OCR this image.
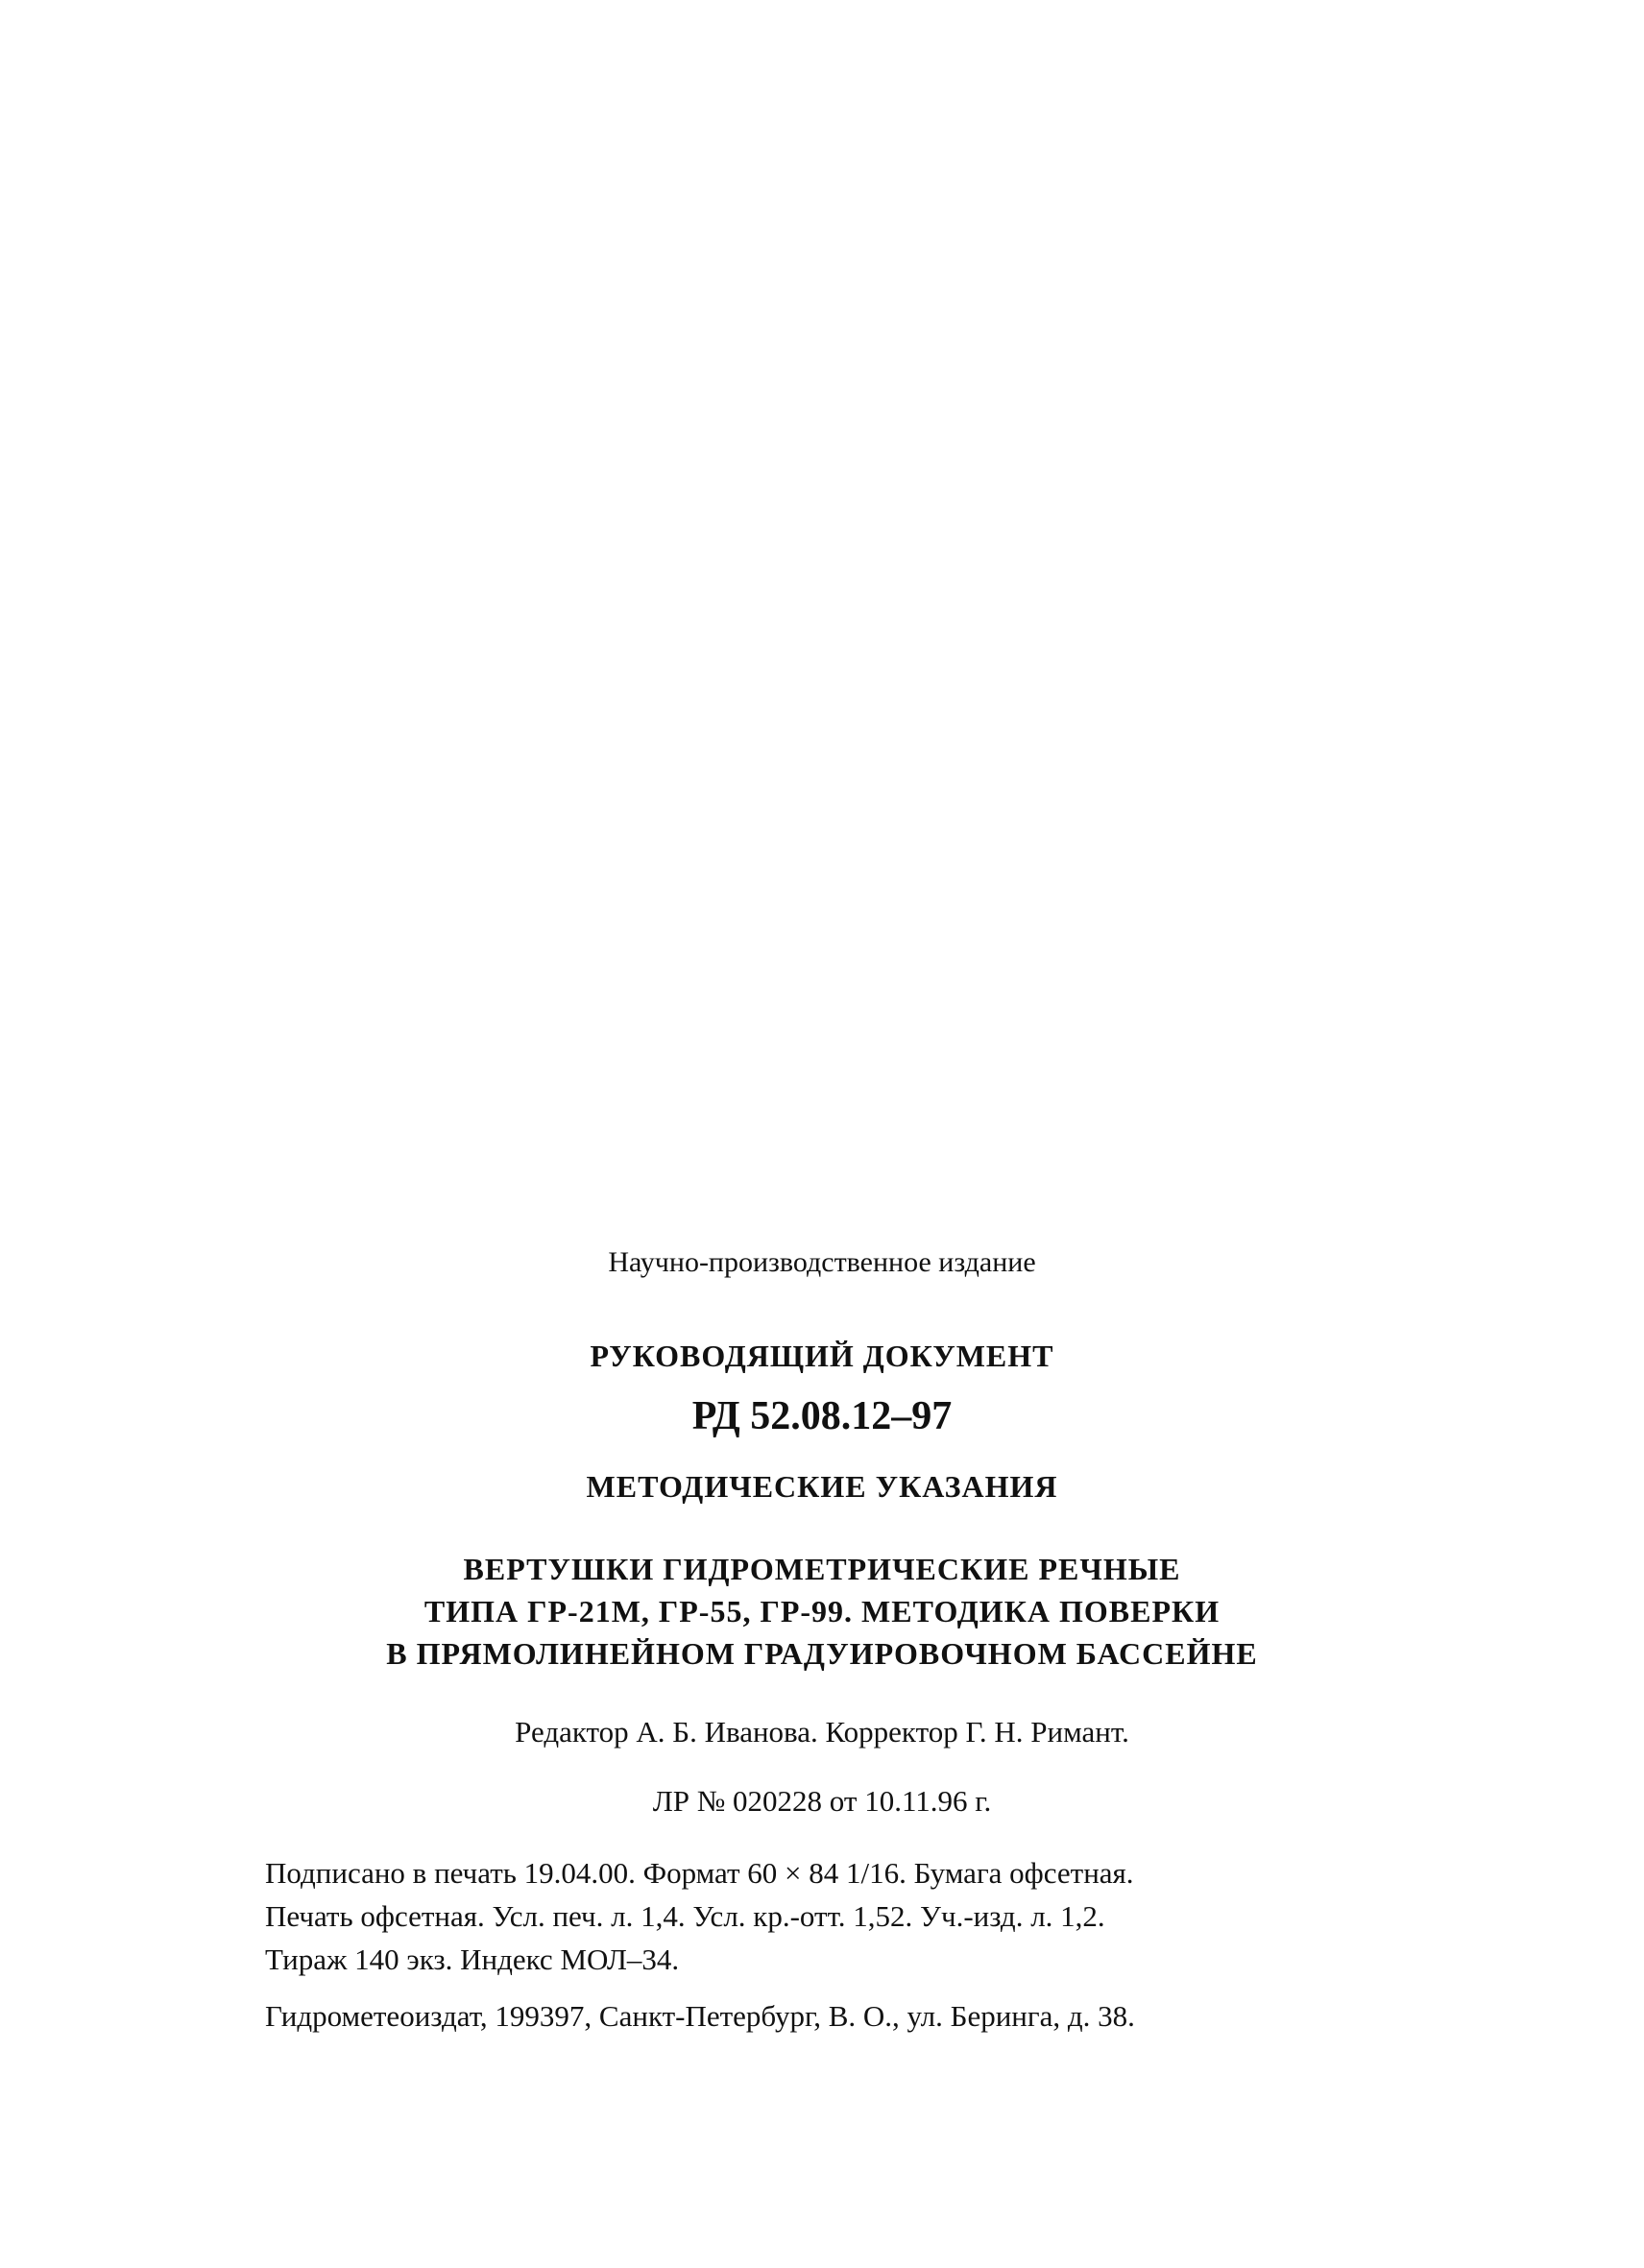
Научно-производственное издание
РУКОВОДЯЩИЙ ДОКУМЕНТ
РД 52.08.12–97
МЕТОДИЧЕСКИЕ УКАЗАНИЯ
ВЕРТУШКИ ГИДРОМЕТРИЧЕСКИЕ РЕЧНЫЕ
ТИПА ГР-21М, ГР-55, ГР-99. МЕТОДИКА ПОВЕРКИ
В ПРЯМОЛИНЕЙНОМ ГРАДУИРОВОЧНОМ БАССЕЙНЕ
Редактор А. Б. Иванова. Корректор Г. Н. Римант.
ЛР № 020228 от 10.11.96 г.
Подписано в печать 19.04.00. Формат 60 × 84 1/16. Бумага офсетная.
Печать офсетная. Усл. печ. л. 1,4. Усл. кр.-отт. 1,52. Уч.-изд. л. 1,2.
Тираж 140 экз. Индекс МОЛ–34.
Гидрометеоиздат, 199397, Санкт-Петербург, В. О., ул. Беринга, д. 38.
